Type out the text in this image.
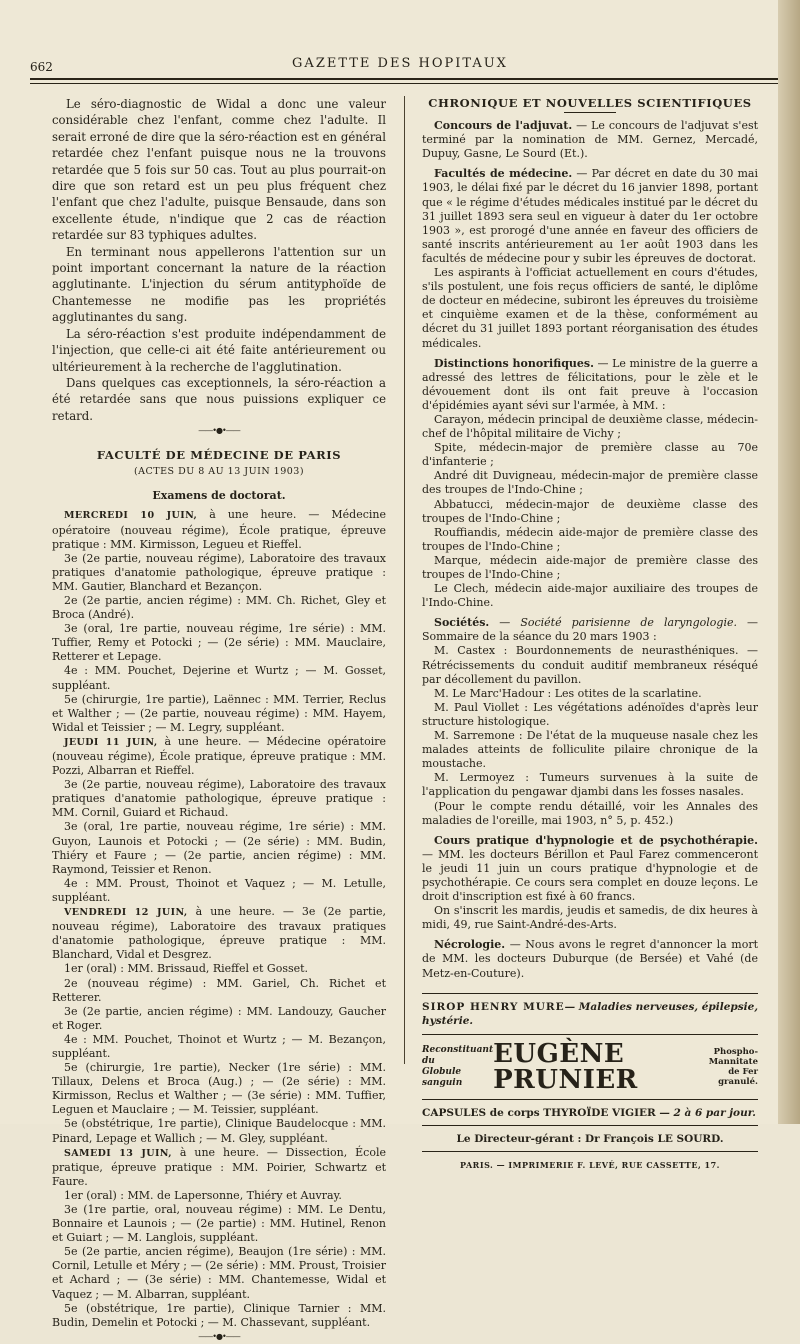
662	GAZETTE DES HOPITAUX

Le séro-diagnostic de Widal a donc une valeur considérable chez l'enfant, comme chez l'adulte. Il serait erroné de dire que la séro-réaction est en général retardée chez l'enfant puisque nous ne la trouvons retardée que 5 fois sur 50 cas. Tout au plus pourrait-on dire que son retard est un peu plus fréquent chez l'enfant que chez l'adulte, puisque Bensaude, dans son excellente étude, n'indique que 2 cas de réaction retardée sur 83 typhiques adultes.

En terminant nous appellerons l'attention sur un point important concernant la nature de la réaction agglutinante. L'injection du sérum antityphoïde de Chantemesse ne modifie pas les propriétés agglutinantes du sang.

La séro-réaction s'est produite indépendamment de l'injection, que celle-ci ait été faite antérieurement ou ultérieurement à la recherche de l'agglutination.

Dans quelques cas exceptionnels, la séro-réaction a été retardée sans que nous puissions expliquer ce retard.

——•●•——
FACULTÉ DE MÉDECINE DE PARIS
(ACTES DU 8 AU 13 JUIN 1903)
Examens de doctorat.

MERCREDI 10 JUIN, à une heure. — Médecine opératoire (nouveau régime), École pratique, épreuve pratique : MM. Kirmisson, Legueu et Rieffel.

3e (2e partie, nouveau régime), Laboratoire des travaux pratiques d'anatomie pathologique, épreuve pratique : MM. Gautier, Blanchard et Bezançon.

2e (2e partie, ancien régime) : MM. Ch. Richet, Gley et Broca (André).

3e (oral, 1re partie, nouveau régime, 1re série) : MM. Tuffier, Remy et Potocki ; — (2e série) : MM. Mauclaire, Retterer et Lepage.

4e : MM. Pouchet, Dejerine et Wurtz ; — M. Gosset, suppléant.

5e (chirurgie, 1re partie), Laënnec : MM. Terrier, Reclus et Walther ; — (2e partie, nouveau régime) : MM. Hayem, Widal et Teissier ; — M. Legry, suppléant.

JEUDI 11 JUIN, à une heure. — Médecine opératoire (nouveau régime), École pratique, épreuve pratique : MM. Pozzi, Albarran et Rieffel.

3e (2e partie, nouveau régime), Laboratoire des travaux pratiques d'anatomie pathologique, épreuve pratique : MM. Cornil, Guiard et Richaud.

3e (oral, 1re partie, nouveau régime, 1re série) : MM. Guyon, Launois et Potocki ; — (2e série) : MM. Budin, Thiéry et Faure ; — (2e partie, ancien régime) : MM. Raymond, Teissier et Renon.

4e : MM. Proust, Thoinot et Vaquez ; — M. Letulle, suppléant.

VENDREDI 12 JUIN, à une heure. — 3e (2e partie, nouveau régime), Laboratoire des travaux pratiques d'anatomie pathologique, épreuve pratique : MM. Blanchard, Vidal et Desgrez.

1er (oral) : MM. Brissaud, Rieffel et Gosset.

2e (nouveau régime) : MM. Gariel, Ch. Richet et Retterer.

3e (2e partie, ancien régime) : MM. Landouzy, Gaucher et Roger.

4e : MM. Pouchet, Thoinot et Wurtz ; — M. Bezançon, suppléant.

5e (chirurgie, 1re partie), Necker (1re série) : MM. Tillaux, Delens et Broca (Aug.) ; — (2e série) : MM. Kirmisson, Reclus et Walther ; — (3e série) : MM. Tuffier, Leguen et Mauclaire ; — M. Teissier, suppléant.

5e (obstétrique, 1re partie), Clinique Baudelocque : MM. Pinard, Lepage et Wallich ; — M. Gley, suppléant.

SAMEDI 13 JUIN, à une heure. — Dissection, École pratique, épreuve pratique : MM. Poirier, Schwartz et Faure.

1er (oral) : MM. de Lapersonne, Thiéry et Auvray.

3e (1re partie, oral, nouveau régime) : MM. Le Dentu, Bonnaire et Launois ; — (2e partie) : MM. Hutinel, Renon et Guiart ; — M. Langlois, suppléant.

5e (2e partie, ancien régime), Beaujon (1re série) : MM. Cornil, Letulle et Méry ; — (2e série) : MM. Proust, Troisier et Achard ; — (3e série) : MM. Chantemesse, Widal et Vaquez ; — M. Albarran, suppléant.

5e (obstétrique, 1re partie), Clinique Tarnier : MM. Budin, Demelin et Potocki ; — M. Chassevant, suppléant.

——•●•——
CHRONIQUE ET NOUVELLES SCIENTIFIQUES

Concours de l'adjuvat. — Le concours de l'adjuvat s'est terminé par la nomination de MM. Gernez, Mercadé, Dupuy, Gasne, Le Sourd (Et.).

Facultés de médecine. — Par décret en date du 30 mai 1903, le délai fixé par le décret du 16 janvier 1898, portant que « le régime d'études médicales institué par le décret du 31 juillet 1893 sera seul en vigueur à dater du 1er octobre 1903 », est prorogé d'une année en faveur des officiers de santé inscrits antérieurement au 1er août 1903 dans les facultés de médecine pour y subir les épreuves de doctorat.

Les aspirants à l'officiat actuellement en cours d'études, s'ils postulent, une fois reçus officiers de santé, le diplôme de docteur en médecine, subiront les épreuves du troisième et cinquième examen et de la thèse, conformément au décret du 31 juillet 1893 portant réorganisation des études médicales.

Distinctions honorifiques. — Le ministre de la guerre a adressé des lettres de félicitations, pour le zèle et le dévouement dont ils ont fait preuve à l'occasion d'épidémies ayant sévi sur l'armée, à MM. :

Carayon, médecin principal de deuxième classe, médecin-chef de l'hôpital militaire de Vichy ;

Spite, médecin-major de première classe au 70e d'infanterie ;

André dit Duvigneau, médecin-major de première classe des troupes de l'Indo-Chine ;

Abbatucci, médecin-major de deuxième classe des troupes de l'Indo-Chine ;

Rouffiandis, médecin aide-major de première classe des troupes de l'Indo-Chine ;

Marque, médecin aide-major de première classe des troupes de l'Indo-Chine ;

Le Clech, médecin aide-major auxiliaire des troupes de l'Indo-Chine.

Sociétés. — Société parisienne de laryngologie. — Sommaire de la séance du 20 mars 1903 :

M. Castex : Bourdonnements de neurasthéniques. — Rétrécissements du conduit auditif membraneux réséqué par décollement du pavillon.

M. Le Marc'Hadour : Les otites de la scarlatine.

M. Paul Viollet : Les végétations adénoïdes d'après leur structure histologique.

M. Sarremone : De l'état de la muqueuse nasale chez les malades atteints de folliculite pilaire chronique de la moustache.

M. Lermoyez : Tumeurs survenues à la suite de l'application du pengawar djambi dans les fosses nasales.

(Pour le compte rendu détaillé, voir les Annales des maladies de l'oreille, mai 1903, n° 5, p. 452.)

Cours pratique d'hypnologie et de psychothérapie. — MM. les docteurs Bérillon et Paul Farez commenceront le jeudi 11 juin un cours pratique d'hypnologie et de psychothérapie. Ce cours sera complet en douze leçons. Le droit d'inscription est fixé à 60 francs.

On s'inscrit les mardis, jeudis et samedis, de dix heures à midi, 49, rue Saint-André-des-Arts.

Nécrologie. — Nous avons le regret d'annoncer la mort de MM. les docteurs Duburque (de Bersée) et Vahé (de Metz-en-Couture).

SIROP HENRY MURE— Maladies nerveuses, épilepsie, hystérie.
Reconstituant du
Globule sanguin
EUGÈNE PRUNIER
Phospho-Mannitate
de Fer granulé.
CAPSULES de corps THYROÏDE VIGIER — 2 à 6 par jour.
Le Directeur-gérant : Dr François LE SOURD.
PARIS. — IMPRIMERIE F. LEVÉ, RUE CASSETTE, 17.
